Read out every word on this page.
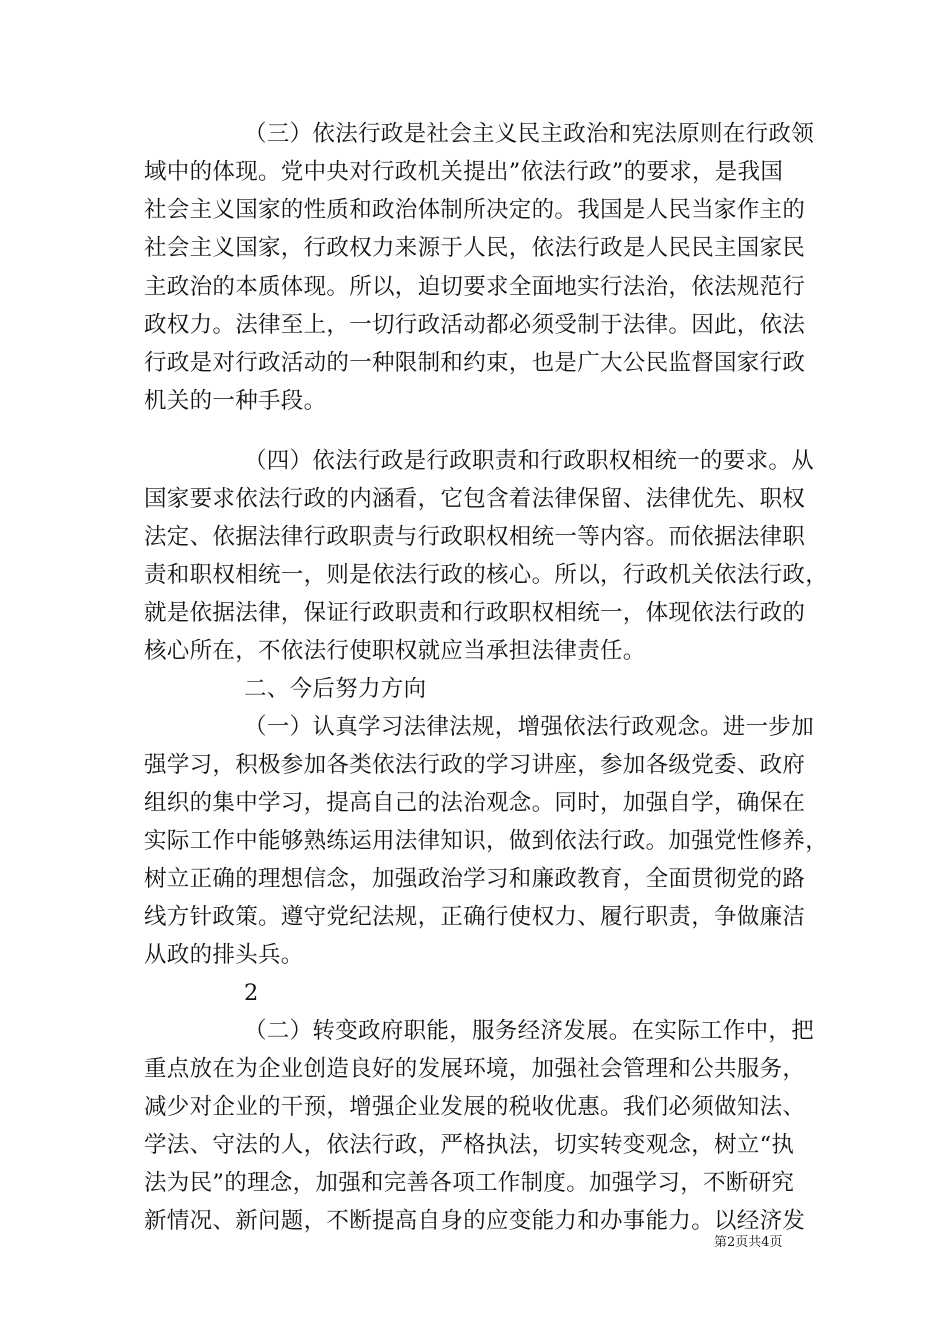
（三）依法行政是社会主义民主政治和宪法原则在行政领
域中的体现。党中央对行政机关提出”依法行政”的要求，是我国
社会主义国家的性质和政治体制所决定的。我国是人民当家作主的
社会主义国家，行政权力来源于人民，依法行政是人民民主国家民
主政治的本质体现。所以，迫切要求全面地实行法治，依法规范行
政权力。法律至上，一切行政活动都必须受制于法律。因此，依法
行政是对行政活动的一种限制和约束，也是广大公民监督国家行政
机关的一种手段。
（四）依法行政是行政职责和行政职权相统一的要求。从
国家要求依法行政的内涵看，它包含着法律保留、法律优先、职权
法定、依据法律行政职责与行政职权相统一等内容。而依据法律职
责和职权相统一，则是依法行政的核心。所以，行政机关依法行政，
就是依据法律，保证行政职责和行政职权相统一，体现依法行政的
核心所在，不依法行使职权就应当承担法律责任。
二、今后努力方向
（一）认真学习法律法规，增强依法行政观念。进一步加
强学习，积极参加各类依法行政的学习讲座，参加各级党委、政府
组织的集中学习，提高自己的法治观念。同时，加强自学，确保在
实际工作中能够熟练运用法律知识，做到依法行政。加强党性修养，
树立正确的理想信念，加强政治学习和廉政教育，全面贯彻党的路
线方针政策。遵守党纪法规，正确行使权力、履行职责，争做廉洁
从政的排头兵。
2
（二）转变政府职能，服务经济发展。在实际工作中，把
重点放在为企业创造良好的发展环境，加强社会管理和公共服务，
减少对企业的干预，增强企业发展的税收优惠。我们必须做知法、
学法、守法的人，依法行政，严格执法，切实转变观念，树立“执
法为民”的理念，加强和完善各项工作制度。加强学习，不断研究
新情况、新问题，不断提高自身的应变能力和办事能力。以经济发
第2页共4页
